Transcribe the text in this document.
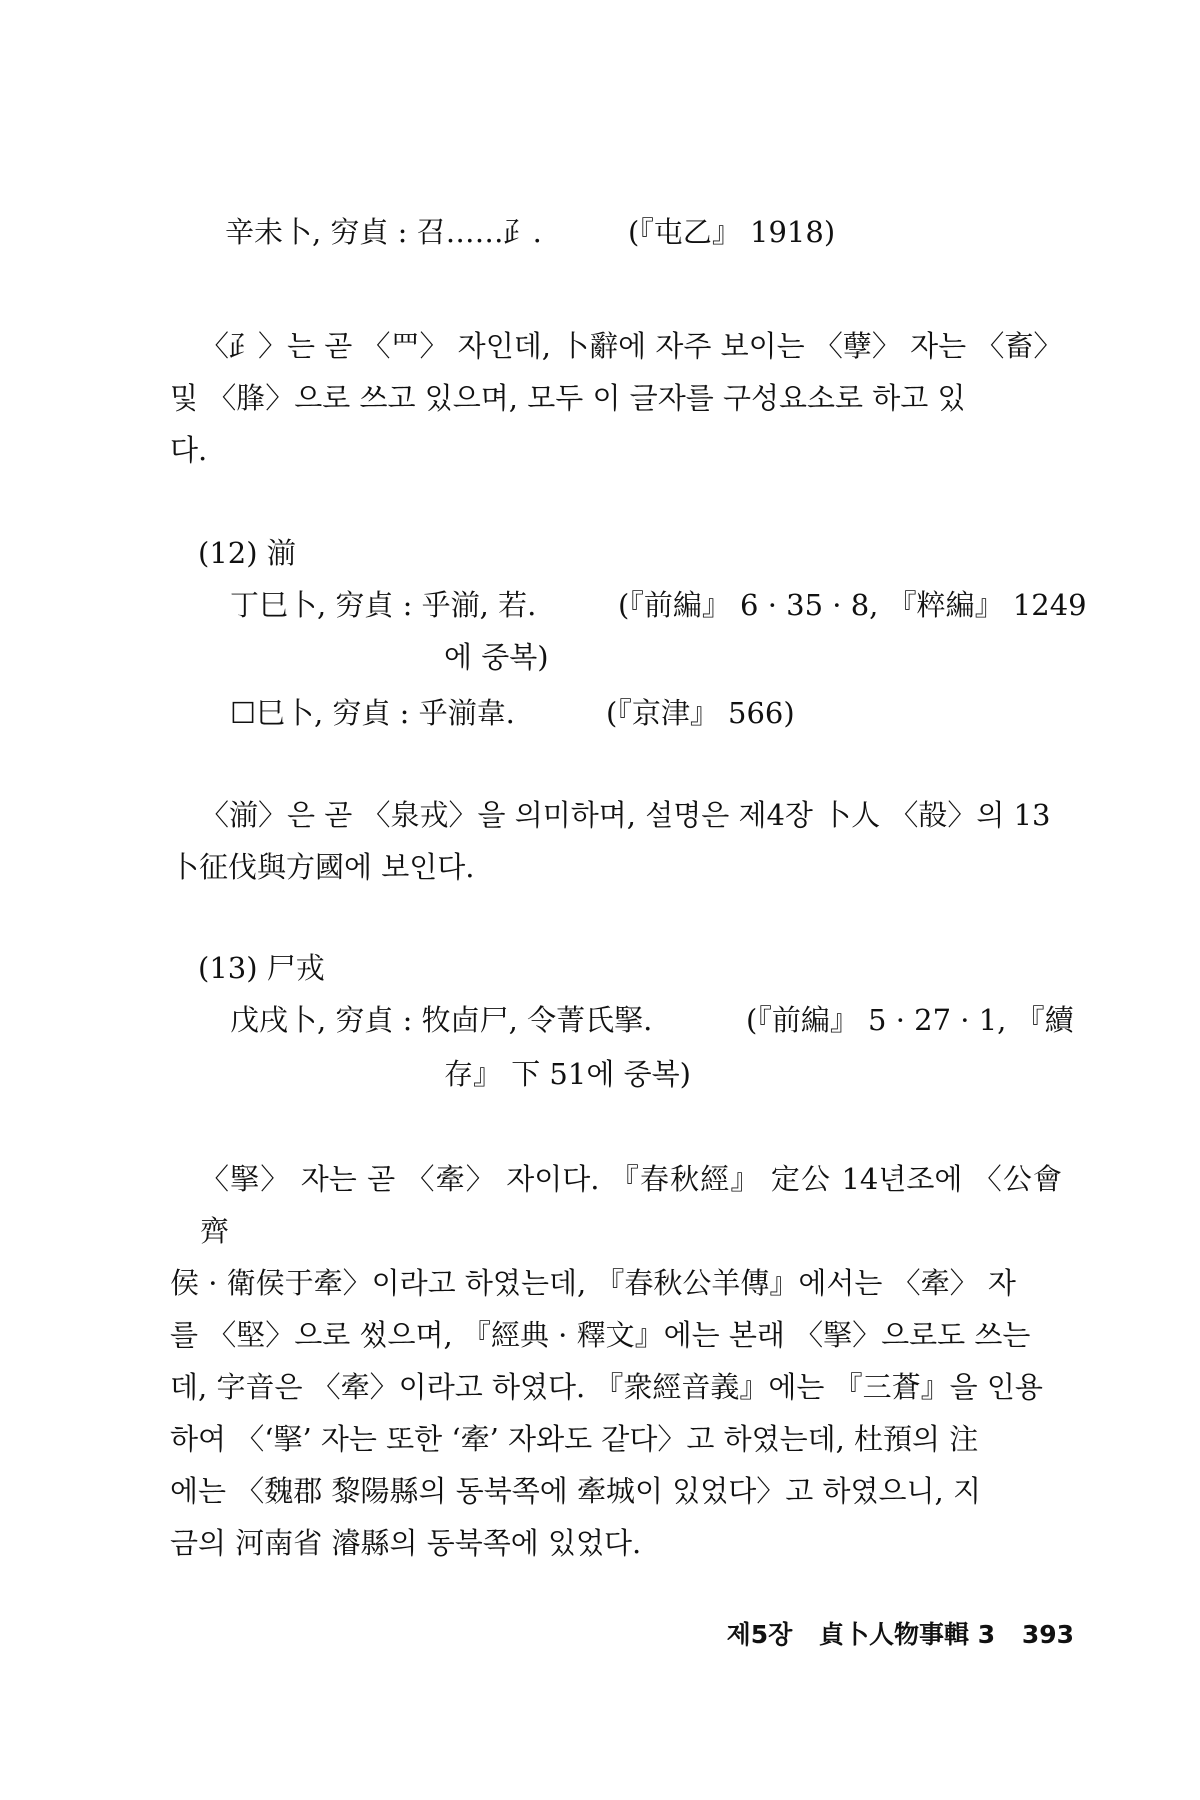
辛未卜, 穷貞 : 召……⺪.	(『屯乙』 1918)
〈⺪〉는 곧 〈⺫〉 자인데, 卜辭에 자주 보이는 〈孽〉 자는 〈畜〉
및 〈䏺〉으로 쓰고 있으며, 모두 이 글자를 구성요소로 하고 있
다.
(12) 湔
丁巳卜, 穷貞 : 乎湔, 若.	(『前編』 6 · 35 · 8, 『粹編』 1249
에 중복)
☐巳卜, 穷貞 : 乎湔韋.	(『京津』 566)
〈湔〉은 곧 〈泉戎〉을 의미하며, 설명은 제4장 卜人 〈㱿〉의 13
卜征伐與方國에 보인다.
(13) 尸戎
戊戌卜, 穷貞 : 牧㔽尸, 令菁氏掔.	(『前編』 5 · 27 · 1, 『續
存』 下 51에 중복)
〈掔〉 자는 곧 〈牽〉 자이다. 『春秋經』 定公 14년조에 〈公會齊
侯 · 衛侯于牽〉이라고 하였는데, 『春秋公羊傳』에서는 〈牽〉 자
를 〈堅〉으로 썼으며, 『經典 · 釋文』에는 본래 〈掔〉으로도 쓰는
데, 字音은 〈牽〉이라고 하였다. 『衆經音義』에는 『三蒼』을 인용
하여 〈‘掔’ 자는 또한 ‘牽’ 자와도 같다〉고 하였는데, 杜預의 注
에는 〈魏郡 黎陽縣의 동북쪽에 牽城이 있었다〉고 하였으니, 지
금의 河南省 濬縣의 동북쪽에 있었다.
제5장 貞卜人物事輯 3 393
